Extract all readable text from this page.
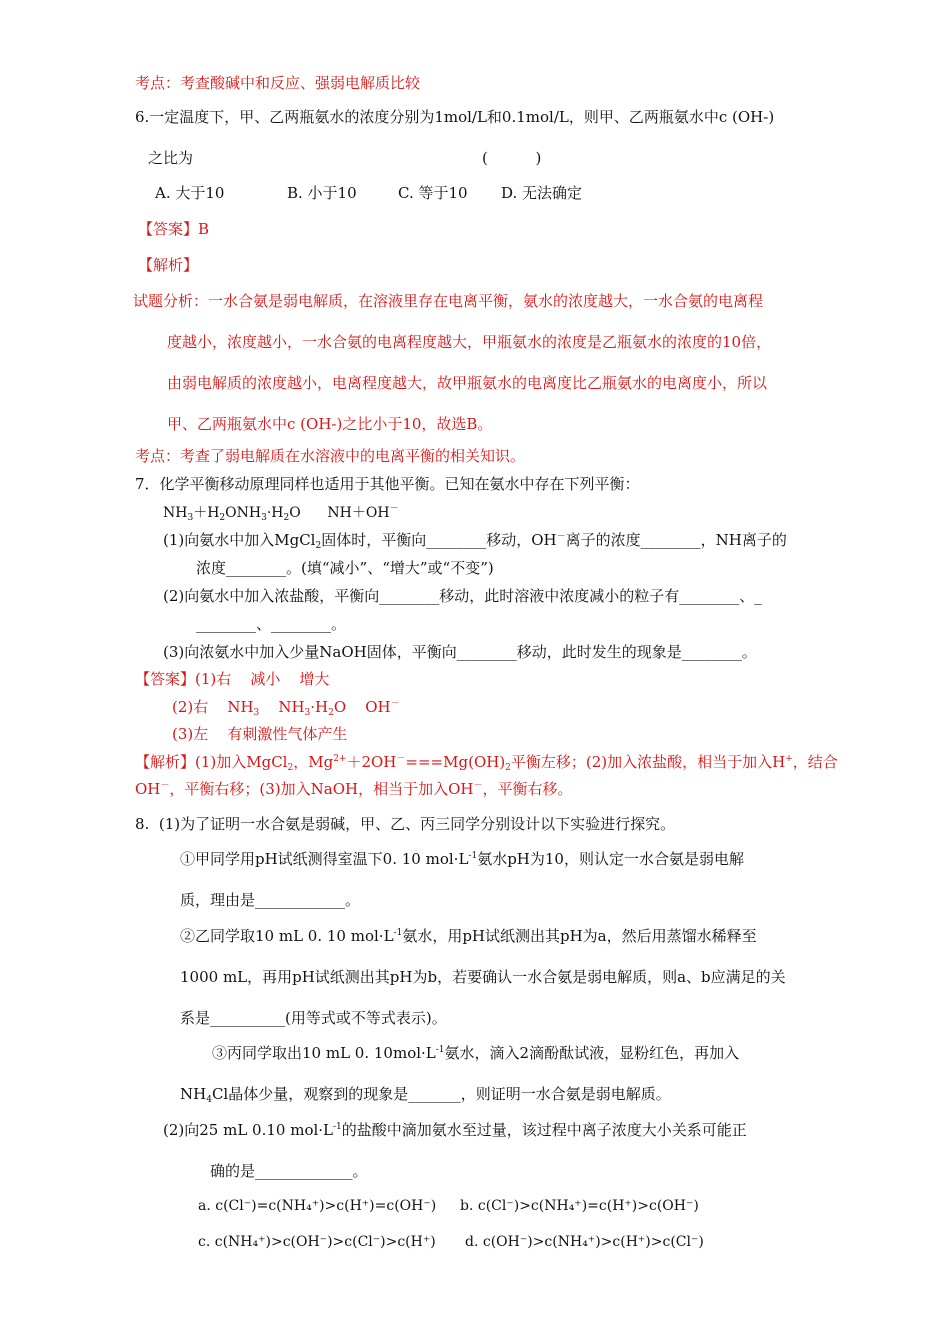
考点：考查酸碱中和反应、强弱电解质比较
6.一定温度下，甲、乙两瓶氨水的浓度分别为1mol/L和0.1mol/L，则甲、乙两瓶氨水中c (OH-)
之比为	(          )
A. 大于10	B. 小于10	C. 等于10 D. 无法确定
【答案】B
【解析】
试题分析：一水合氨是弱电解质，在溶液里存在电离平衡，氨水的浓度越大，一水合氨的电离程
度越小，浓度越小，一水合氨的电离程度越大，甲瓶氨水的浓度是乙瓶氨水的浓度的10倍，
由弱电解质的浓度越小，电离程度越大，故甲瓶氨水的电离度比乙瓶氨水的电离度小，所以
甲、乙两瓶氨水中c (OH-)之比小于10，故选B。
考点：考查了弱电解质在水溶液中的电离平衡的相关知识。
7．化学平衡移动原理同样也适用于其他平衡。已知在氨水中存在下列平衡：
$NH_3+H_2ONH_3\cdot H_2O$ NH＋OH－
(1)向氨水中加入MgCl$_2$固体时，平衡向________移动，OH－离子的浓度________，NH离子的
浓度________。(填“减小”、“增大”或“不变”)
(2)向氨水中加入浓盐酸，平衡向________移动，此时溶液中浓度减小的粒子有________、_
________、________。
(3)向浓氨水中加入少量NaOH固体，平衡向________移动，此时发生的现象是________。
【答案】(1)右    减小    增大
(2)右    $NH_3$    $NH_3\cdot H_2O$    OH－
(3)左    有刺激性气体产生
【解析】(1)加入MgCl$_2$，$Mg^{2+}+2OH^-===Mg(OH)_2$平衡左移；(2)加入浓盐酸，相当于加入H+，结合
OH－，平衡右移；(3)加入NaOH，相当于加入OH－，平衡右移。
8.  (1)为了证明一水合氨是弱碱，甲、乙、丙三同学分别设计以下实验进行探究。
①甲同学用pH试纸测得室温下0. 10 $mol\cdot L^{-1}$氨水pH为10，则认定一水合氨是弱电解
质，理由是____________。
②乙同学取10 mL 0. 10 $mol\cdot L^{-1}$氨水，用pH试纸测出其pH为a，然后用蒸馏水稀释至
1000 mL，再用pH试纸测出其pH为b，若要确认一水合氨是弱电解质，则a、b应满足的关
系是__________(用等式或不等式表示)。
③丙同学取出10 mL 0. $10mol\cdot L^{-1}$氨水，滴入2滴酚酞试液，显粉红色，再加入
$NH_4Cl$晶体少量，观察到的现象是_______，则证明一水合氨是弱电解质。
(2)向25 mL 0.10 $mol\cdot L^{-1}$的盐酸中滴加氨水至过量，该过程中离子浓度大小关系可能正
确的是_____________。
a. c(Cl⁻)=c(NH₄⁺)>c(H⁺)=c(OH⁻) b. c(Cl⁻)>c(NH₄⁺)=c(H⁺)>c(OH⁻)
c. c(NH₄⁺)>c(OH⁻)>c(Cl⁻)>c(H⁺) d. c(OH⁻)>c(NH₄⁺)>c(H⁺)>c(Cl⁻)
